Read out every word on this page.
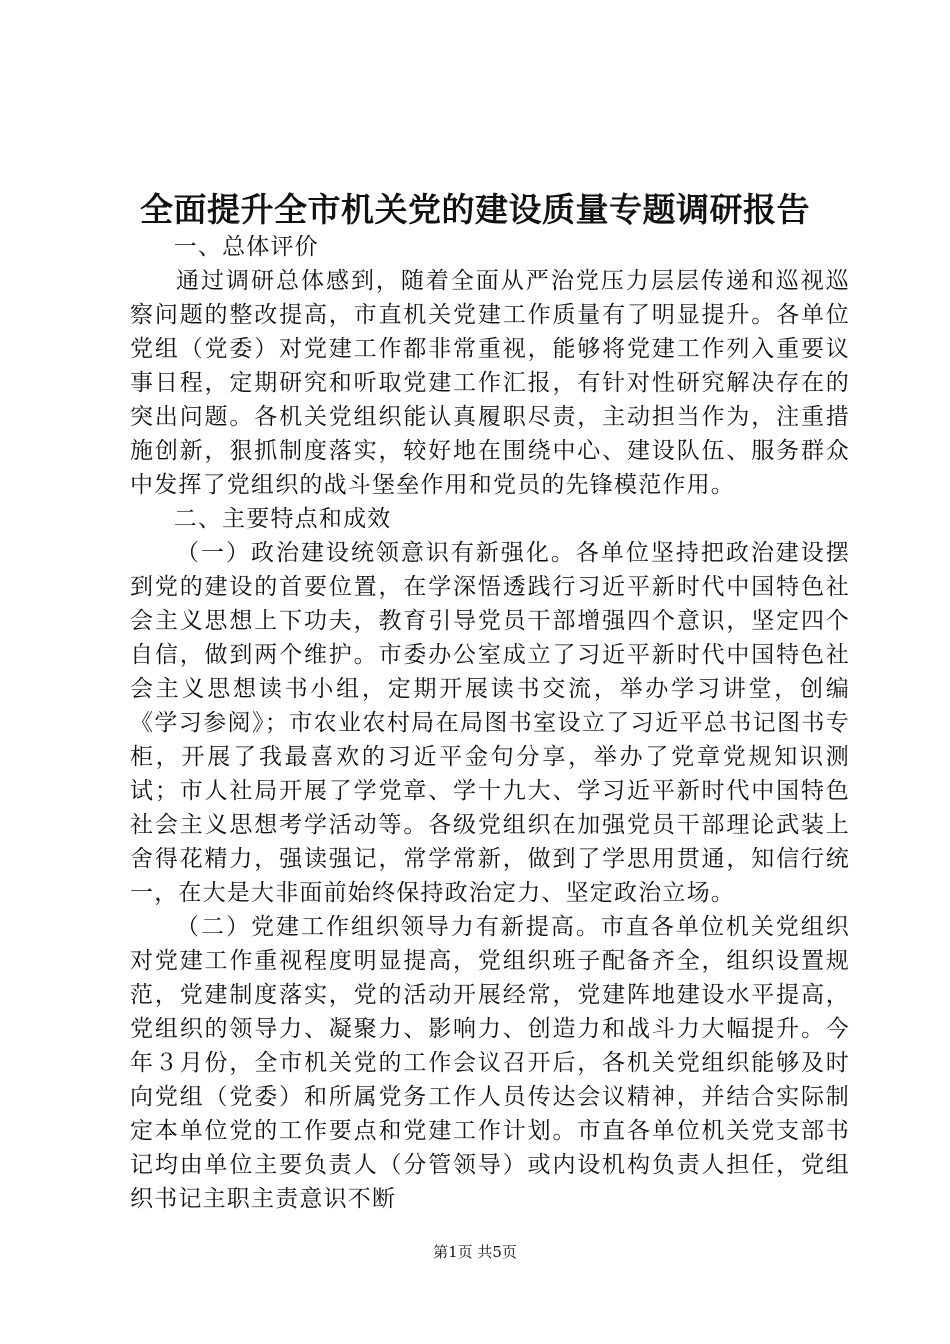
全面提升全市机关党的建设质量专题调研报告

一、总体评价

通过调研总体感到，随着全面从严治党压力层层传递和巡视巡察问题的整改提高，市直机关党建工作质量有了明显提升。各单位党组（党委）对党建工作都非常重视，能够将党建工作列入重要议事日程，定期研究和听取党建工作汇报，有针对性研究解决存在的突出问题。各机关党组织能认真履职尽责，主动担当作为，注重措施创新，狠抓制度落实，较好地在围绕中心、建设队伍、服务群众中发挥了党组织的战斗堡垒作用和党员的先锋模范作用。

二、主要特点和成效

（一）政治建设统领意识有新强化。各单位坚持把政治建设摆到党的建设的首要位置，在学深悟透践行习近平新时代中国特色社会主义思想上下功夫，教育引导党员干部增强四个意识，坚定四个自信，做到两个维护。市委办公室成立了习近平新时代中国特色社会主义思想读书小组，定期开展读书交流，举办学习讲堂，创编《学习参阅》；市农业农村局在局图书室设立了习近平总书记图书专柜，开展了我最喜欢的习近平金句分享，举办了党章党规知识测试；市人社局开展了学党章、学十九大、学习近平新时代中国特色社会主义思想考学活动等。各级党组织在加强党员干部理论武装上舍得花精力，强读强记，常学常新，做到了学思用贯通，知信行统一，在大是大非面前始终保持政治定力、坚定政治立场。

（二）党建工作组织领导力有新提高。市直各单位机关党组织对党建工作重视程度明显提高，党组织班子配备齐全，组织设置规范，党建制度落实，党的活动开展经常，党建阵地建设水平提高，党组织的领导力、凝聚力、影响力、创造力和战斗力大幅提升。今年３月份，全市机关党的工作会议召开后，各机关党组织能够及时向党组（党委）和所属党务工作人员传达会议精神，并结合实际制定本单位党的工作要点和党建工作计划。市直各单位机关党支部书记均由单位主要负责人（分管领导）或内设机构负责人担任，党组织书记主职主责意识不断

第1页 共5页
